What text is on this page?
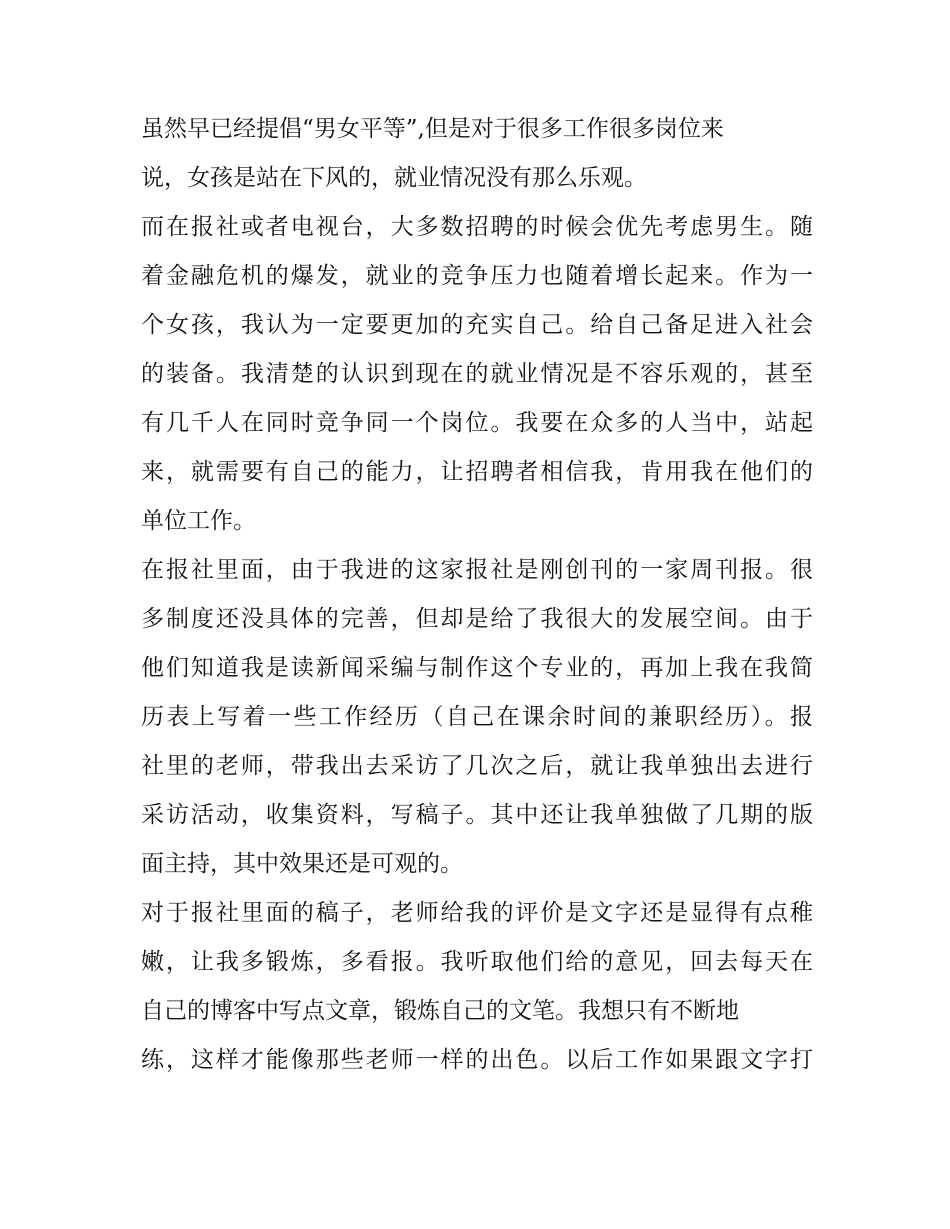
虽然早已经提倡“男女平等”,但是对于很多工作很多岗位来
说，女孩是站在下风的，就业情况没有那么乐观。
而在报社或者电视台，大多数招聘的时候会优先考虑男生。随
着金融危机的爆发，就业的竞争压力也随着增长起来。作为一
个女孩，我认为一定要更加的充实自己。给自己备足进入社会
的装备。我清楚的认识到现在的就业情况是不容乐观的，甚至
有几千人在同时竞争同一个岗位。我要在众多的人当中，站起
来，就需要有自己的能力，让招聘者相信我，肯用我在他们的
单位工作。
在报社里面，由于我进的这家报社是刚创刊的一家周刊报。很
多制度还没具体的完善，但却是给了我很大的发展空间。由于
他们知道我是读新闻采编与制作这个专业的，再加上我在我简
历表上写着一些工作经历（自己在课余时间的兼职经历）。报
社里的老师，带我出去采访了几次之后，就让我单独出去进行
采访活动，收集资料，写稿子。其中还让我单独做了几期的版
面主持，其中效果还是可观的。
对于报社里面的稿子，老师给我的评价是文字还是显得有点稚
嫩，让我多锻炼，多看报。我听取他们给的意见，回去每天在
自己的博客中写点文章，锻炼自己的文笔。我想只有不断地
练，这样才能像那些老师一样的出色。以后工作如果跟文字打
